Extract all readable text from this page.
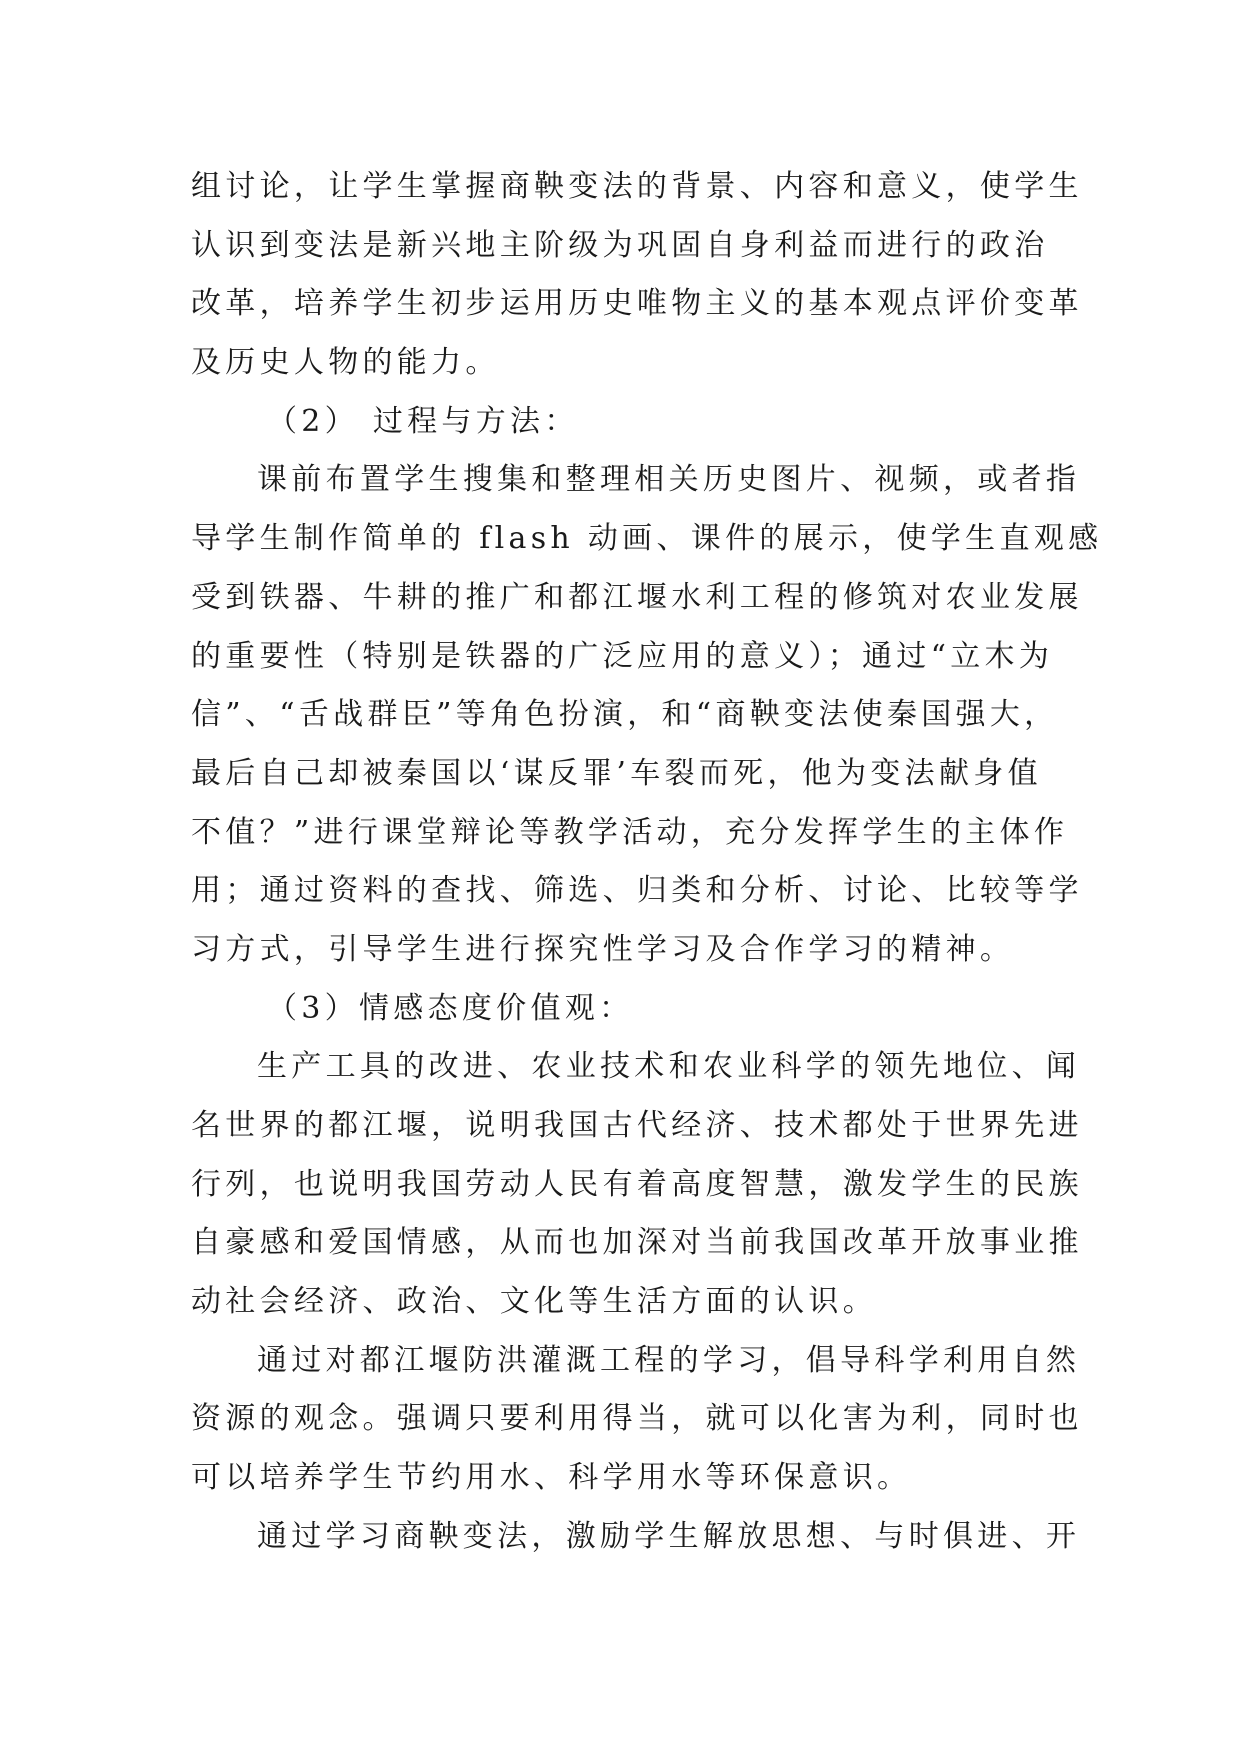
组讨论，让学生掌握商鞅变法的背景、内容和意义，使学生
认识到变法是新兴地主阶级为巩固自身利益而进行的政治
改革，培养学生初步运用历史唯物主义的基本观点评价变革
及历史人物的能力。
（2） 过程与方法：
课前布置学生搜集和整理相关历史图片、视频，或者指
导学生制作简单的 flash 动画、课件的展示，使学生直观感
受到铁器、牛耕的推广和都江堰水利工程的修筑对农业发展
的重要性（特别是铁器的广泛应用的意义）；通过“立木为
信”、“舌战群臣”等角色扮演，和“商鞅变法使秦国强大，
最后自己却被秦国以‘谋反罪’车裂而死，他为变法献身值
不值？”进行课堂辩论等教学活动，充分发挥学生的主体作
用；通过资料的查找、筛选、归类和分析、讨论、比较等学
习方式，引导学生进行探究性学习及合作学习的精神。
（3）情感态度价值观：
生产工具的改进、农业技术和农业科学的领先地位、闻
名世界的都江堰，说明我国古代经济、技术都处于世界先进
行列，也说明我国劳动人民有着高度智慧，激发学生的民族
自豪感和爱国情感，从而也加深对当前我国改革开放事业推
动社会经济、政治、文化等生活方面的认识。
通过对都江堰防洪灌溉工程的学习，倡导科学利用自然
资源的观念。强调只要利用得当，就可以化害为利，同时也
可以培养学生节约用水、科学用水等环保意识。
通过学习商鞅变法，激励学生解放思想、与时俱进、开
